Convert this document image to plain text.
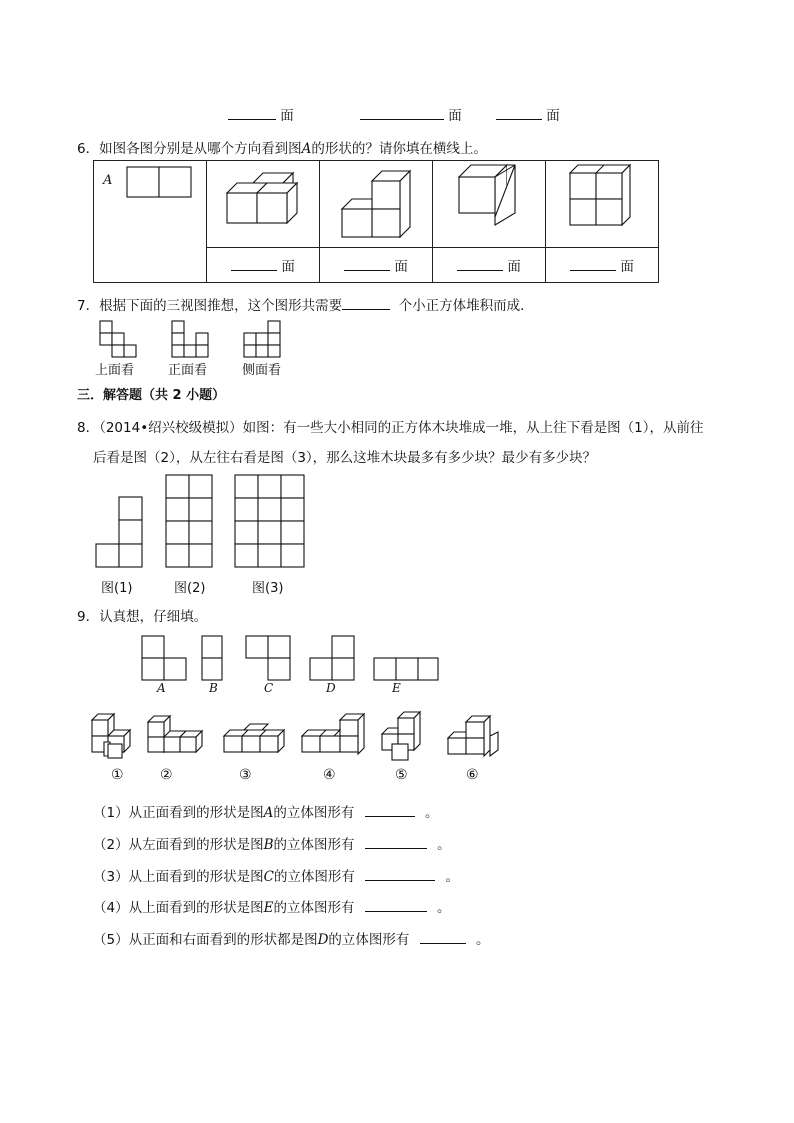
面	面	面
6．如图各图分别是从哪个方向看到图A的形状的？请你填在横线上。
A

	面	面	面	面
7．根据下面的三视图推想，这个图形共需要	个小正方体堆积而成．
上面看	正面看	侧面看
三．解答题（共 2 小题）
8．（2014•绍兴校级模拟）如图：有一些大小相同的正方体木块堆成一堆，从上往下看是图（1），从前往
后看是图（2），从左往右看是图（3），那么这堆木块最多有多少块？最少有多少块？
图(1)	图(2)	图(3)
9．认真想，仔细填。
A	B	C	D	E
①	②	③	④	⑤	⑥
（1）从正面看到的形状是图A的立体图形有	。
（2）从左面看到的形状是图B的立体图形有	。
（3）从上面看到的形状是图C的立体图形有	。
（4）从上面看到的形状是图E的立体图形有	。
（5）从正面和右面看到的形状都是图D的立体图形有	。
